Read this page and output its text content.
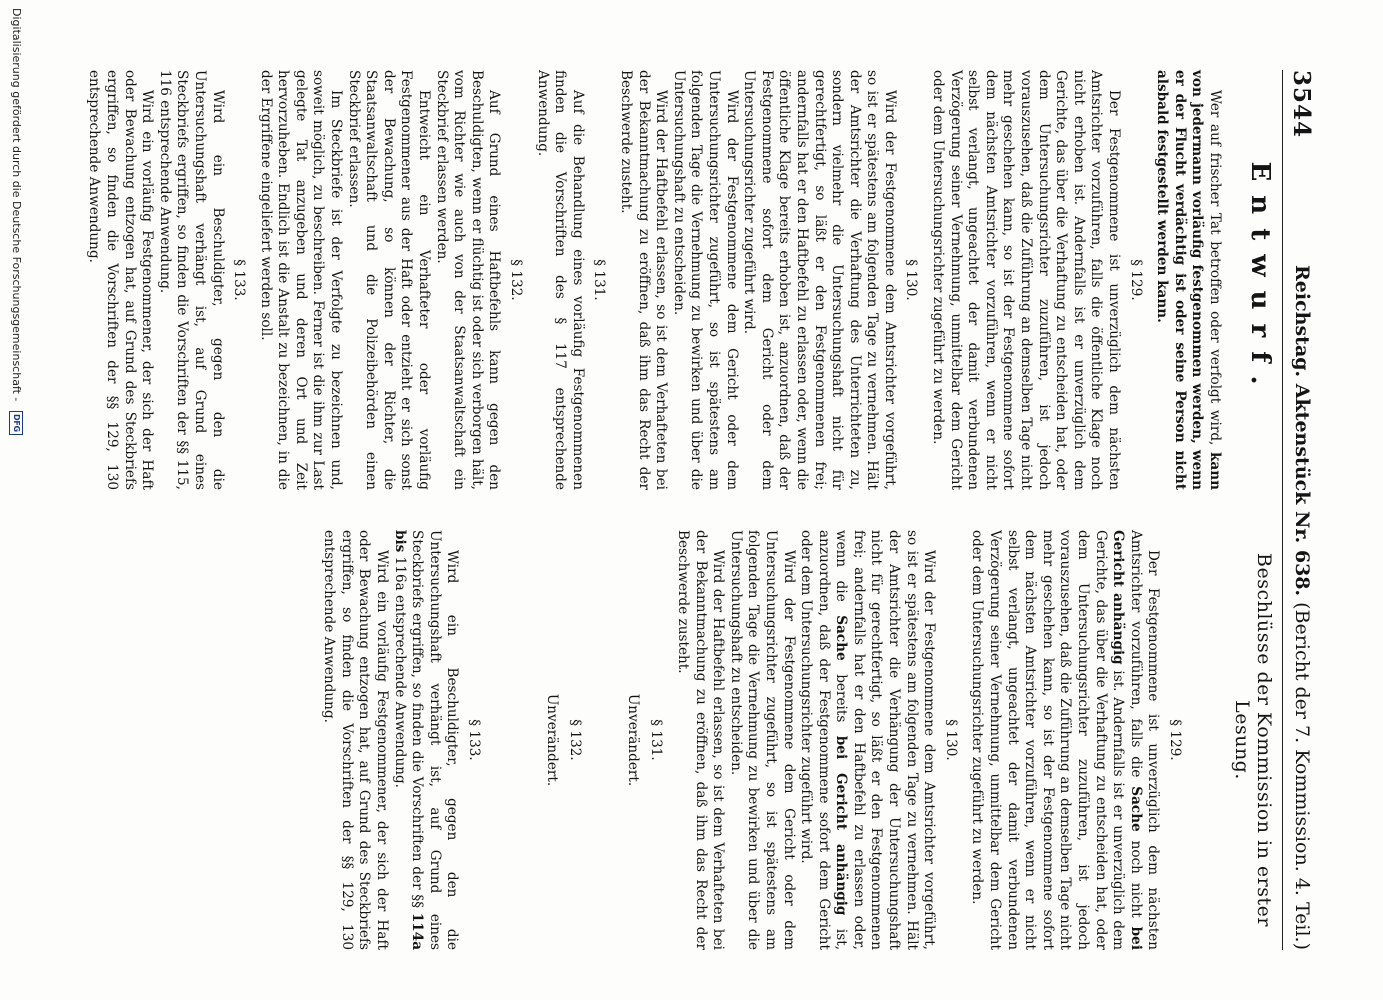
3544
Reichstag. Aktenstück Nr. 638. (Bericht der 7. Kommission. 4. Teil.)
Entwurf.
Beschlüsse der Kommission in erster Lesung.

Wer auf frischer Tat betroffen oder verfolgt wird, kann von jedermann vorläufig festgenommen werden, wenn er der Flucht verdächtig ist oder seine Person nicht alsbald festgestellt werden kann.

§ 129.

Der Festgenommene ist unverzüglich dem nächsten Amtsrichter vorzuführen, falls die öffentliche Klage noch nicht erhoben ist. Andernfalls ist er unverzüglich dem Gerichte, das über die Verhaftung zu entscheiden hat, oder dem Untersuchungsrichter zuzuführen, ist jedoch vorauszusehen, daß die Zuführung an demselben Tage nicht mehr geschehen kann, so ist der Festgenommene sofort dem nächsten Amtsrichter vorzuführen, wenn er nicht selbst verlangt, ungeachtet der damit verbundenen Verzögerung seiner Vernehmung, unmittelbar dem Gericht oder dem Untersuchungsrichter zugeführt zu werden.

§ 130.

Wird der Festgenommene dem Amtsrichter vorgeführt, so ist er spätestens am folgenden Tage zu vernehmen. Hält der Amtsrichter die Verhaftung des Unterrichteten zu, sondern vielmehr die Untersuchungshaft nicht für gerechtfertigt, so läßt er den Festgenommenen frei; andernfalls hat er den Haftbefehl zu erlassen oder, wenn die öffentliche Klage bereits erhoben ist, anzuordnen, daß der Festgenommene sofort dem Gericht oder dem Untersuchungsrichter zugeführt wird.

Wird der Festgenommene dem Gericht oder dem Untersuchungsrichter zugeführt, so ist spätestens am folgenden Tage die Vernehmung zu bewirken und über die Untersuchungshaft zu entscheiden.

Wird der Haftbefehl erlassen, so ist dem Verhafteten bei der Bekanntmachung zu eröffnen, daß ihm das Recht der Beschwerde zusteht.

§ 131.

Auf die Behandlung eines vorläufig Festgenommenen finden die Vorschriften des § 117 entsprechende Anwendung.

§ 132.

Auf Grund eines Haftbefehls kann gegen den Beschuldigten, wenn er flüchtig ist oder sich verborgen hält, vom Richter wie auch von der Staatsanwaltschaft ein Steckbrief erlassen werden.

Entweicht ein Verhafteter oder vorläufig Festgenommener aus der Haft oder entzieht er sich sonst der Bewachung, so können der Richter, die Staatsanwaltschaft und die Polizeibehörden einen Steckbrief erlassen.

Im Steckbriefe ist der Verfolgte zu bezeichnen und, soweit möglich, zu beschreiben. Ferner ist die ihm zur Last gelegte Tat anzugeben und deren Ort und Zeit hervorzuheben. Endlich ist die Anstalt zu bezeichnen, in die der Ergriffene eingeliefert werden soll.

§ 133.

Wird ein Beschuldigter, gegen den die Untersuchungshaft verhängt ist, auf Grund eines Steckbriefs ergriffen, so finden die Vorschriften der §§ 115, 116 entsprechende Anwendung.

Wird ein vorläufig Festgenommener, der sich der Haft oder Bewachung entzogen hat, auf Grund des Steckbriefs ergriffen, so finden die Vorschriften der §§ 129, 130 entsprechende Anwendung.

§ 129.

Der Festgenommene ist unverzüglich dem nächsten Amtsrichter vorzuführen, falls die Sache noch nicht bei Gericht anhängig ist. Andernfalls ist er unverzüglich dem Gerichte, das über die Verhaftung zu entscheiden hat, oder dem Untersuchungsrichter zuzuführen, ist jedoch vorauszusehen, daß die Zuführung an demselben Tage nicht mehr geschehen kann, so ist der Festgenommene sofort dem nächsten Amtsrichter vorzuführen, wenn er nicht selbst verlangt, ungeachtet der damit verbundenen Verzögerung seiner Vernehmung, unmittelbar dem Gericht oder dem Untersuchungsrichter zugeführt zu werden.

§ 130.

Wird der Festgenommene dem Amtsrichter vorgeführt, so ist er spätestens am folgenden Tage zu vernehmen. Hält der Amtsrichter die Verhängung der Untersuchungshaft nicht für gerechtfertigt, so läßt er den Festgenommenen frei; andernfalls hat er den Haftbefehl zu erlassen oder, wenn die Sache bereits bei Gericht anhängig ist, anzuordnen, daß der Festgenommene sofort dem Gericht oder dem Untersuchungsrichter zugeführt wird.

Wird der Festgenommene dem Gericht oder dem Untersuchungsrichter zugeführt, so ist spätestens am folgenden Tage die Vernehmung zu bewirken und über die Untersuchungshaft zu entscheiden.

Wird der Haftbefehl erlassen, so ist dem Verhafteten bei der Bekanntmachung zu eröffnen, daß ihm das Recht der Beschwerde zusteht.

§ 131.
Unverändert.
§ 132.
Unverändert.
§ 133.

Wird ein Beschuldigter, gegen den die Untersuchungshaft verhängt ist, auf Grund eines Steckbriefs ergriffen, so finden die Vorschriften der §§ 114a bis 116a entsprechende Anwendung.

Wird ein vorläufig Festgenommener, der sich der Haft oder Bewachung entzogen hat, auf Grund des Steckbriefs ergriffen, so finden die Vorschriften der §§ 129, 130 entsprechende Anwendung.

Digitalisierung gefördert durch die Deutsche Forschungsgemeinschaft - DFG
